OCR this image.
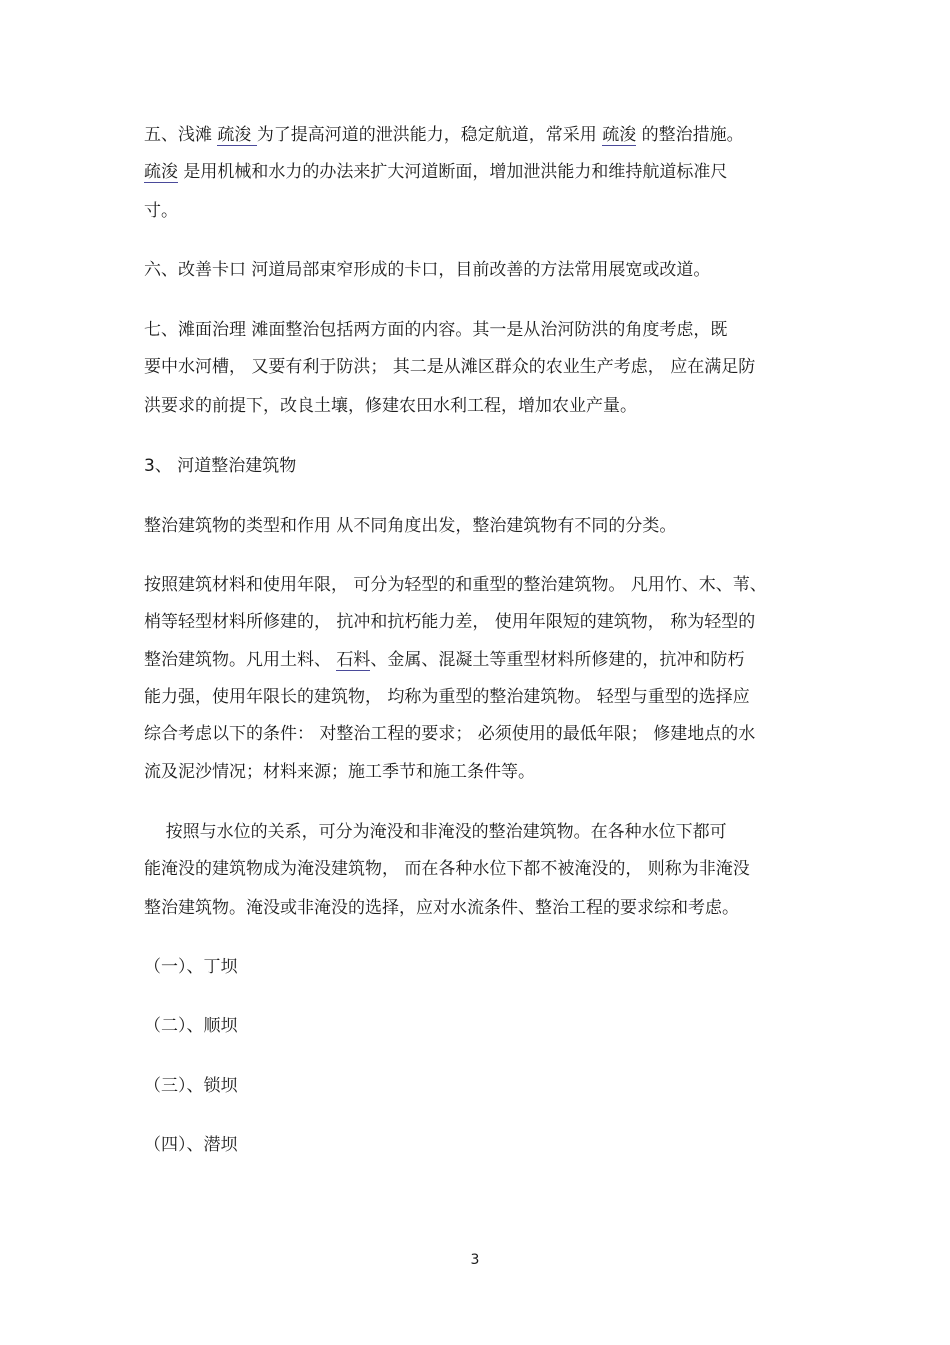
五、浅滩 疏浚 为了提高河道的泄洪能力，稳定航道，常采用 疏浚 的整治措施。
疏浚 是用机械和水力的办法来扩大河道断面，增加泄洪能力和维持航道标准尺
寸。
六、改善卡口 河道局部束窄形成的卡口，目前改善的方法常用展宽或改道。
七、滩面治理 滩面整治包括两方面的内容。其一是从治河防洪的角度考虑，既
要中水河槽， 又要有利于防洪； 其二是从滩区群众的农业生产考虑， 应在满足防
洪要求的前提下，改良土壤，修建农田水利工程，增加农业产量。
3、 河道整治建筑物
整治建筑物的类型和作用 从不同角度出发，整治建筑物有不同的分类。
按照建筑材料和使用年限， 可分为轻型的和重型的整治建筑物。 凡用竹、木、苇、
梢等轻型材料所修建的， 抗冲和抗朽能力差， 使用年限短的建筑物， 称为轻型的
整治建筑物。凡用土料、 石料、金属、混凝土等重型材料所修建的，抗冲和防朽
能力强，使用年限长的建筑物， 均称为重型的整治建筑物。 轻型与重型的选择应
综合考虑以下的条件： 对整治工程的要求； 必须使用的最低年限； 修建地点的水
流及泥沙情况；材料来源；施工季节和施工条件等。
按照与水位的关系，可分为淹没和非淹没的整治建筑物。在各种水位下都可
能淹没的建筑物成为淹没建筑物， 而在各种水位下都不被淹没的， 则称为非淹没
整治建筑物。淹没或非淹没的选择，应对水流条件、整治工程的要求综和考虑。
（一）、丁坝
（二）、顺坝
（三）、锁坝
（四）、潜坝
3
